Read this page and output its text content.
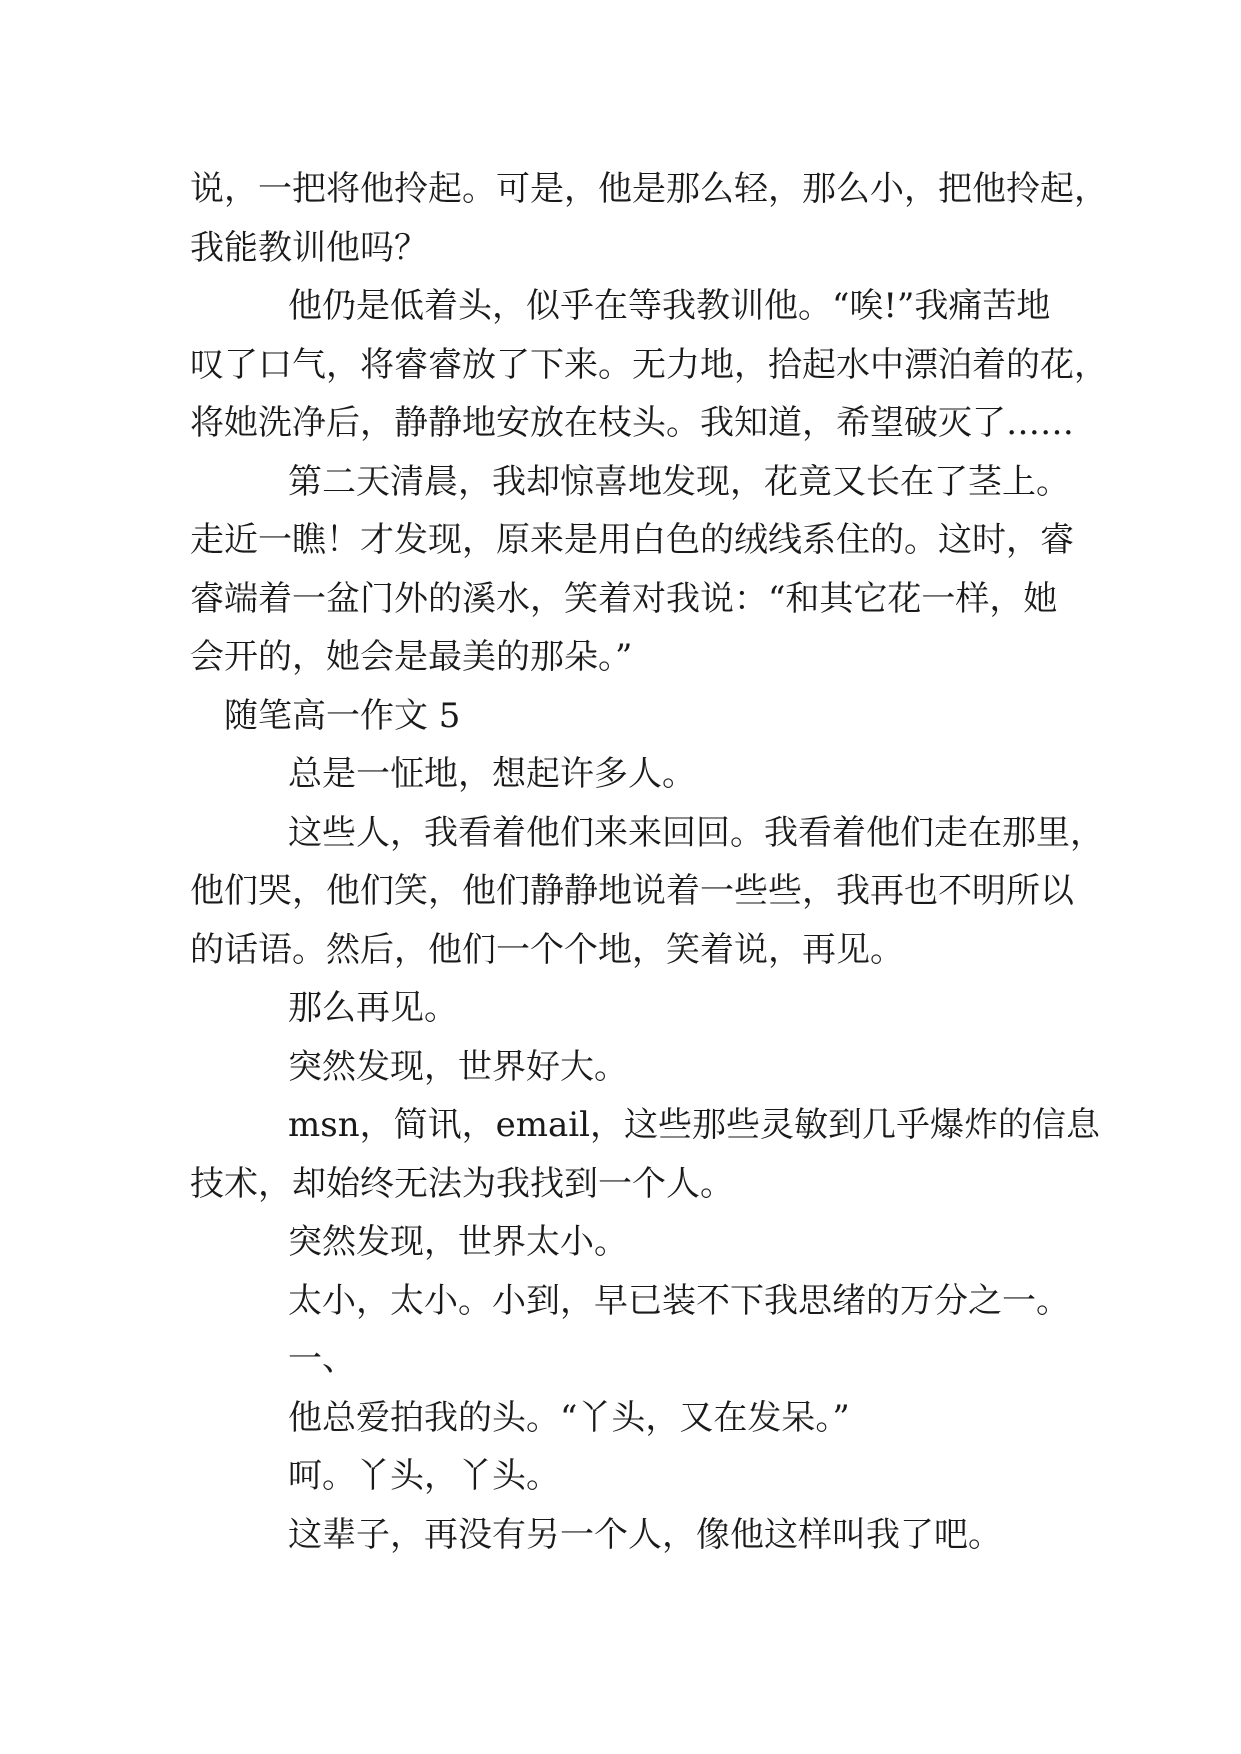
说，一把将他拎起。可是，他是那么轻，那么小，把他拎起，
我能教训他吗？
他仍是低着头，似乎在等我教训他。“唉!”我痛苦地
叹了口气，将睿睿放了下来。无力地，拾起水中漂泊着的花，
将她洗净后，静静地安放在枝头。我知道，希望破灭了……
第二天清晨，我却惊喜地发现，花竟又长在了茎上。
走近一瞧！才发现，原来是用白色的绒线系住的。这时，睿
睿端着一盆门外的溪水，笑着对我说：“和其它花一样，她
会开的，她会是最美的那朵。”
随笔高一作文 5
总是一怔地，想起许多人。
这些人，我看着他们来来回回。我看着他们走在那里，
他们哭，他们笑，他们静静地说着一些些，我再也不明所以
的话语。然后，他们一个个地，笑着说，再见。
那么再见。
突然发现，世界好大。
msn，简讯，email，这些那些灵敏到几乎爆炸的信息
技术，却始终无法为我找到一个人。
突然发现，世界太小。
太小，太小。小到，早已装不下我思绪的万分之一。
一、
他总爱拍我的头。“丫头，又在发呆。”
呵。丫头，丫头。
这辈子，再没有另一个人，像他这样叫我了吧。
